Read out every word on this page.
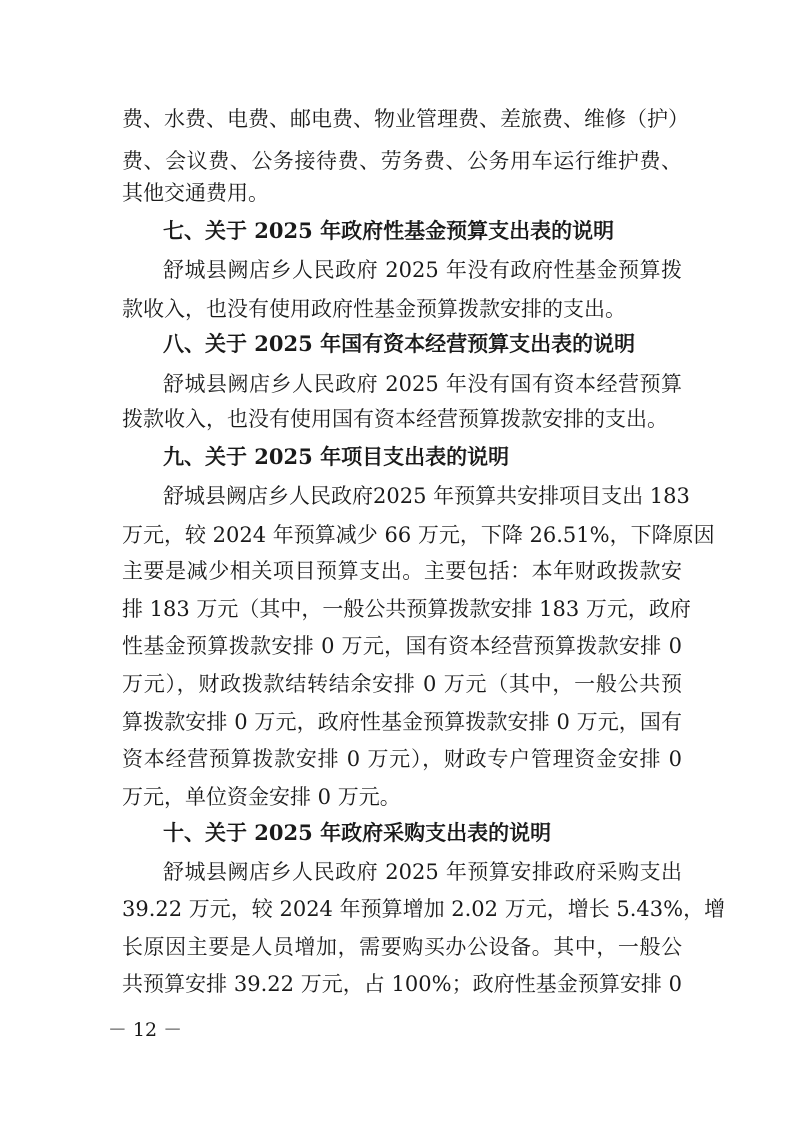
费、水费、电费、邮电费、物业管理费、差旅费、维修（护）
费、会议费、公务接待费、劳务费、公务用车运行维护费、
其他交通费用。
七、关于 2025 年政府性基金预算支出表的说明
舒城县阙店乡人民政府 2025 年没有政府性基金预算拨
款收入，也没有使用政府性基金预算拨款安排的支出。
八、关于 2025 年国有资本经营预算支出表的说明
舒城县阙店乡人民政府 2025 年没有国有资本经营预算
拨款收入，也没有使用国有资本经营预算拨款安排的支出。
九、关于 2025 年项目支出表的说明
舒城县阙店乡人民政府2025 年预算共安排项目支出 183
万元，较 2024 年预算减少 66 万元，下降 26.51%，下降原因
主要是减少相关项目预算支出。主要包括：本年财政拨款安
排 183 万元（其中，一般公共预算拨款安排 183 万元，政府
性基金预算拨款安排 0 万元，国有资本经营预算拨款安排 0
万元），财政拨款结转结余安排 0 万元（其中，一般公共预
算拨款安排 0 万元，政府性基金预算拨款安排 0 万元，国有
资本经营预算拨款安排 0 万元），财政专户管理资金安排 0
万元，单位资金安排 0 万元。
十、关于 2025 年政府采购支出表的说明
舒城县阙店乡人民政府 2025 年预算安排政府采购支出
39.22 万元，较 2024 年预算增加 2.02 万元，增长 5.43%，增
长原因主要是人员增加，需要购买办公设备。其中，一般公
共预算安排 39.22 万元，占 100%；政府性基金预算安排 0
－ 12 －
